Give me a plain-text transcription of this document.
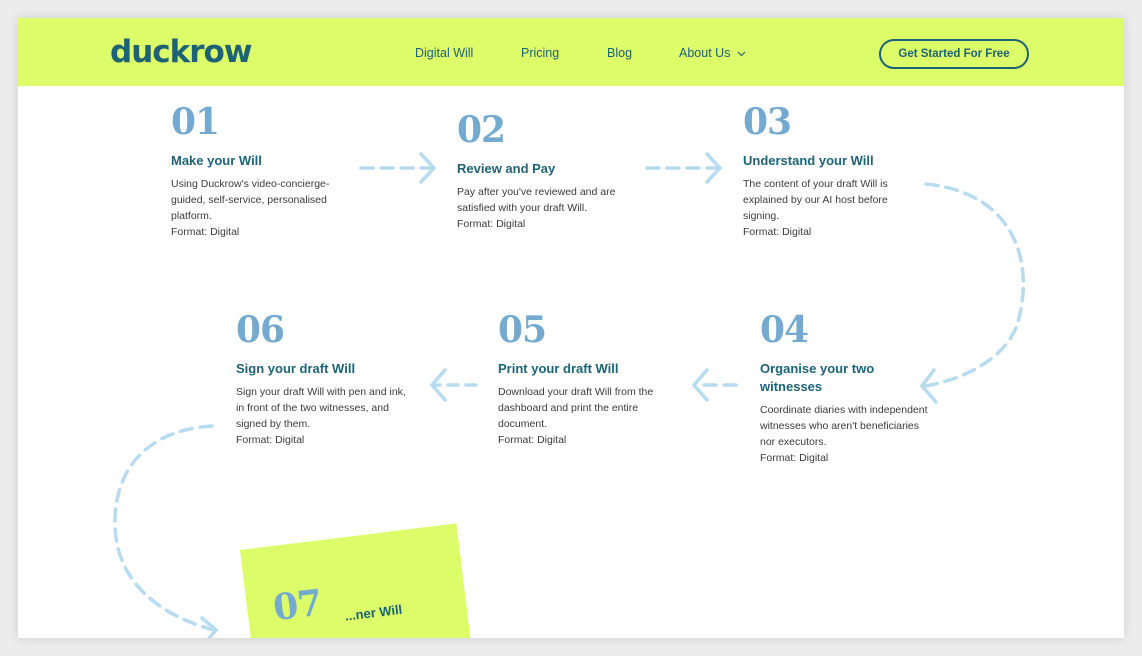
duckrow	Digital Will	Pricing	Blog	About Us	Get Started For Free
01
Make your Will
Using Duckrow's video-concierge-guided, self-service, personalised platform.
Format: Digital
02
Review and Pay
Pay after you've reviewed and are satisfied with your draft Will.
Format: Digital
03
Understand your Will
The content of your draft Will is explained by our AI host before signing.
Format: Digital
04
Organise your two witnesses
Coordinate diaries with independent witnesses who aren't beneficiaries nor executors.
Format: Digital
05
Print your draft Will
Download your draft Will from the dashboard and print the entire document.
Format: Digital
06
Sign your draft Will
Sign your draft Will with pen and ink, in front of the two witnesses, and signed by them.
Format: Digital
07 ...ner Will
